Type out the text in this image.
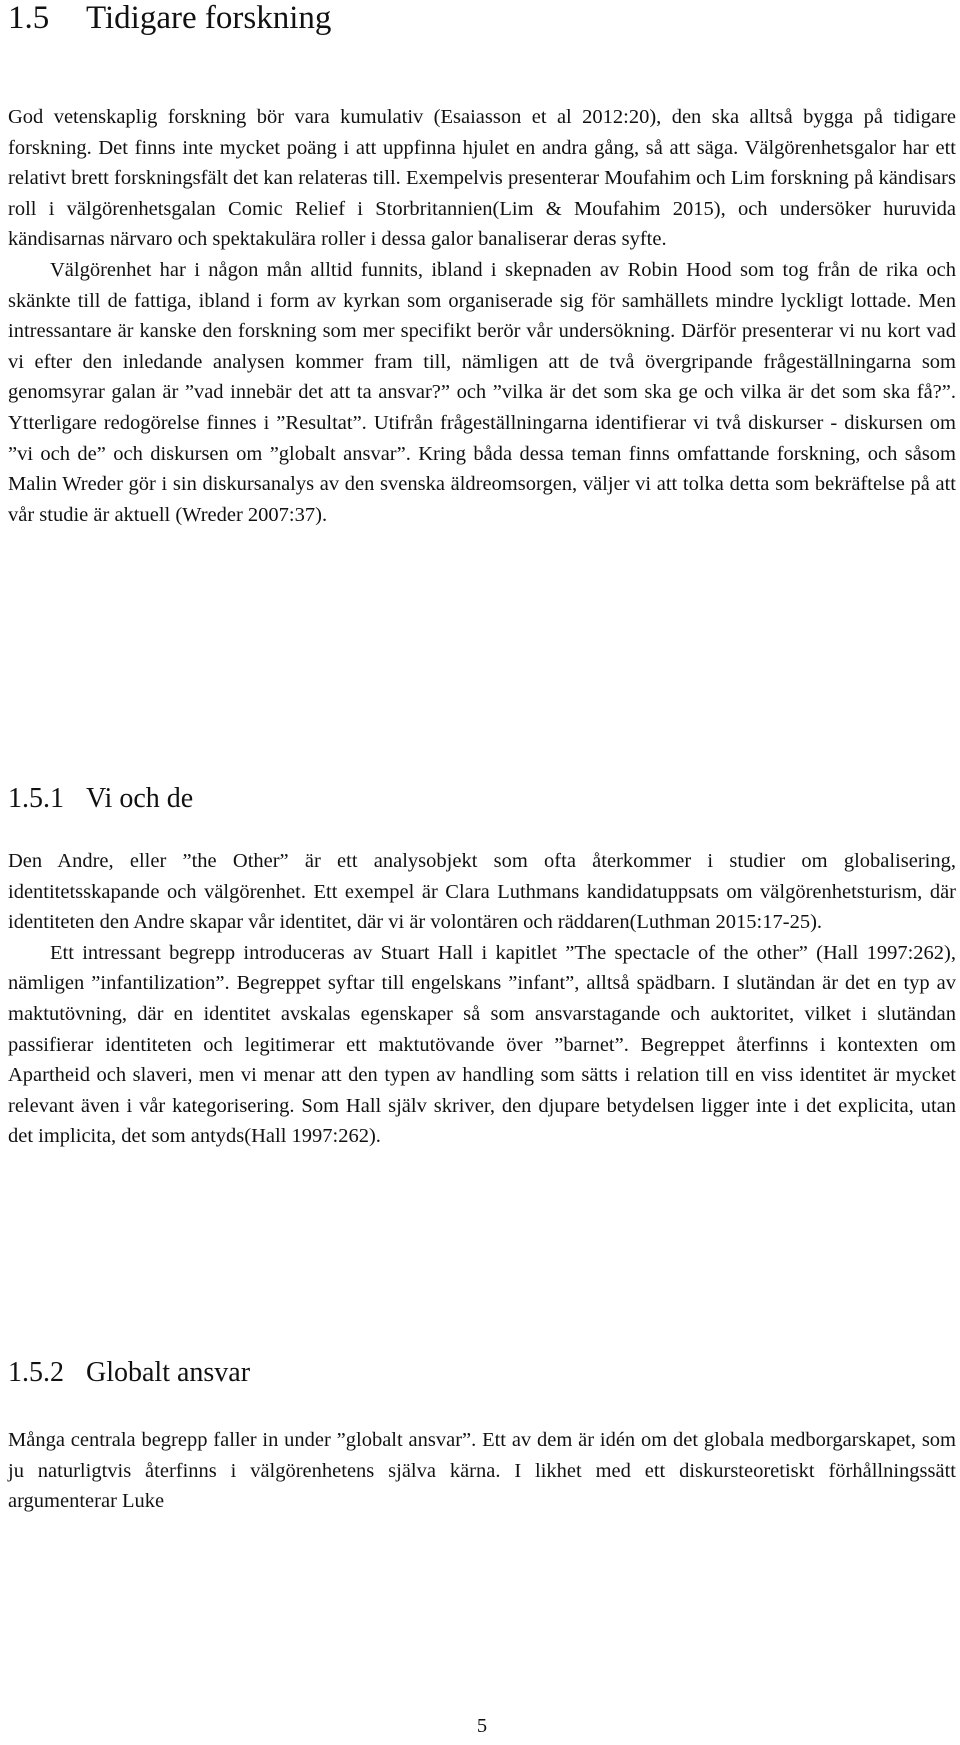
1.5 Tidigare forskning

God vetenskaplig forskning bör vara kumulativ (Esaiasson et al 2012:20), den ska alltså bygga på tidigare forskning. Det finns inte mycket poäng i att uppfinna hjulet en andra gång, så att säga. Välgörenhetsgalor har ett relativt brett forskningsfält det kan relateras till. Exempelvis presenterar Moufahim och Lim forskning på kändisars roll i välgörenhetsgalan Comic Relief i Storbritannien(Lim & Moufahim 2015), och undersöker huruvida kändisarnas närvaro och spektakulära roller i dessa galor banaliserar deras syfte.

Välgörenhet har i någon mån alltid funnits, ibland i skepnaden av Robin Hood som tog från de rika och skänkte till de fattiga, ibland i form av kyrkan som organiserade sig för samhällets mindre lyckligt lottade. Men intressantare är kanske den forskning som mer specifikt berör vår undersökning. Därför presenterar vi nu kort vad vi efter den inledande analysen kommer fram till, nämligen att de två övergripande frågeställningarna som genomsyrar galan är ”vad innebär det att ta ansvar?” och ”vilka är det som ska ge och vilka är det som ska få?”. Ytterligare redogörelse finnes i ”Resultat”. Utifrån frågeställningarna identifierar vi två diskurser - diskursen om ”vi och de” och diskursen om ”globalt ansvar”. Kring båda dessa teman finns omfattande forskning, och såsom Malin Wreder gör i sin diskursanalys av den svenska äldreomsorgen, väljer vi att tolka detta som bekräftelse på att vår studie är aktuell (Wreder 2007:37).

1.5.1 Vi och de

Den Andre, eller ”the Other” är ett analysobjekt som ofta återkommer i studier om globalisering, identitetsskapande och välgörenhet. Ett exempel är Clara Luthmans kandidatuppsats om välgörenhetsturism, där identiteten den Andre skapar vår identitet, där vi är volontären och räddaren(Luthman 2015:17-25).

Ett intressant begrepp introduceras av Stuart Hall i kapitlet ”The spectacle of the other” (Hall 1997:262), nämligen ”infantilization”. Begreppet syftar till engelskans ”infant”, alltså spädbarn. I slutändan är det en typ av maktutövning, där en identitet avskalas egenskaper så som ansvarstagande och auktoritet, vilket i slutändan passifierar identiteten och legitimerar ett maktutövande över ”barnet”. Begreppet återfinns i kontexten om Apartheid och slaveri, men vi menar att den typen av handling som sätts i relation till en viss identitet är mycket relevant även i vår kategorisering. Som Hall själv skriver, den djupare betydelsen ligger inte i det explicita, utan det implicita, det som antyds(Hall 1997:262).

1.5.2 Globalt ansvar

Många centrala begrepp faller in under ”globalt ansvar”. Ett av dem är idén om det globala medborgarskapet, som ju naturligtvis återfinns i välgörenhetens själva kärna. I likhet med ett diskursteoretiskt förhållningssätt argumenterar Luke

5
